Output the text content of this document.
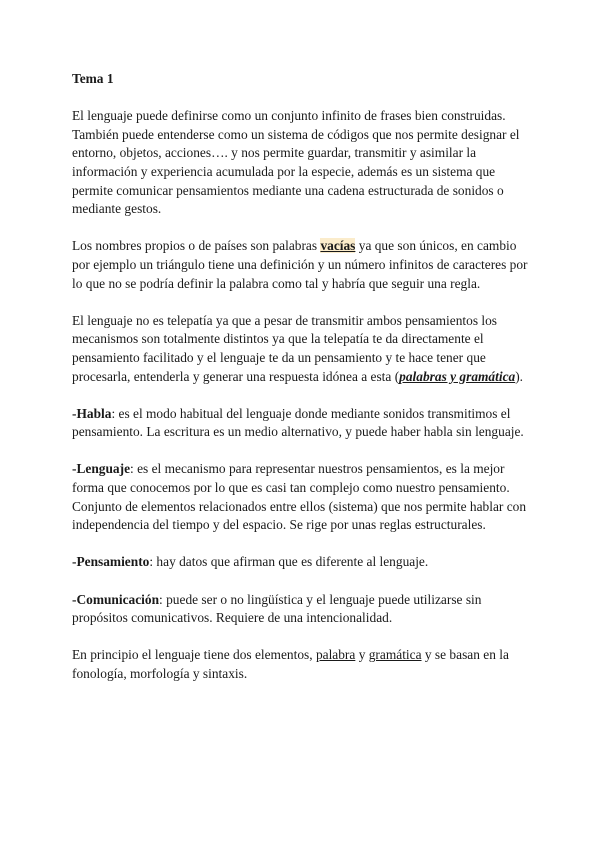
Tema 1

El lenguaje puede definirse como un conjunto infinito de frases bien construidas. También puede entenderse como un sistema de códigos que nos permite designar el entorno, objetos, acciones…. y nos permite guardar, transmitir y asimilar la información y experiencia acumulada por la especie, además es un sistema que permite comunicar pensamientos mediante una cadena estructurada de sonidos o mediante gestos.

Los nombres propios o de países son palabras vacías ya que son únicos, en cambio por ejemplo un triángulo tiene una definición y un número infinitos de caracteres por lo que no se podría definir la palabra como tal y habría que seguir una regla.

El lenguaje no es telepatía ya que a pesar de transmitir ambos pensamientos los mecanismos son totalmente distintos ya que la telepatía te da directamente el pensamiento facilitado y el lenguaje te da un pensamiento y te hace tener que procesarla, entenderla y generar una respuesta idónea a esta (palabras y gramática).

-Habla: es el modo habitual del lenguaje donde mediante sonidos transmitimos el pensamiento. La escritura es un medio alternativo, y puede haber habla sin lenguaje.

-Lenguaje: es el mecanismo para representar nuestros pensamientos, es la mejor forma que conocemos por lo que es casi tan complejo como nuestro pensamiento. Conjunto de elementos relacionados entre ellos (sistema) que nos permite hablar con independencia del tiempo y del espacio. Se rige por unas reglas estructurales.

-Pensamiento: hay datos que afirman que es diferente al lenguaje.

-Comunicación: puede ser o no lingüística y el lenguaje puede utilizarse sin propósitos comunicativos. Requiere de una intencionalidad.

En principio el lenguaje tiene dos elementos, palabra y gramática y se basan en la fonología, morfología y sintaxis.
